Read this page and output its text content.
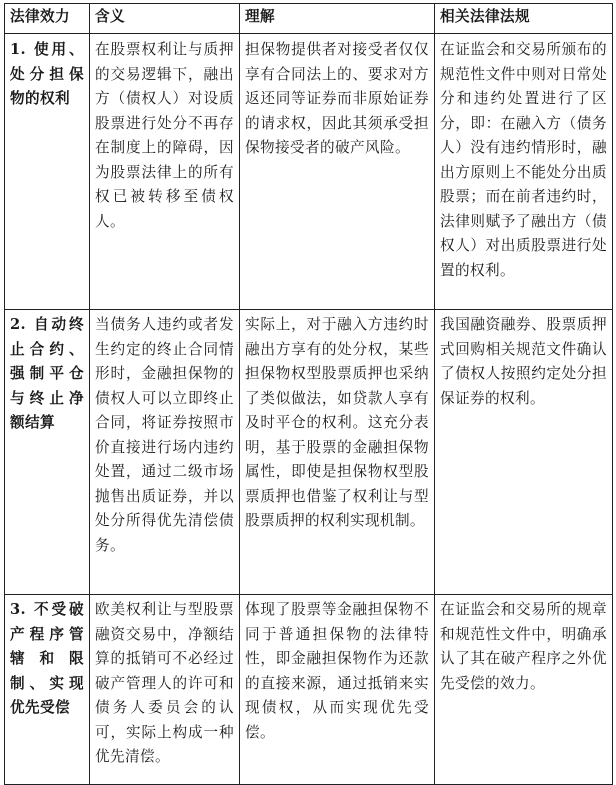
法律效力	含义	理解	相关法律法规
1. 使用、处分担保物的权利	在股票权利让与质押的交易逻辑下，融出方（债权人）对设质股票进行处分不再存在制度上的障碍，因为股票法律上的所有权已被转移至债权人。	担保物提供者对接受者仅仅享有合同法上的、要求对方返还同等证券而非原始证券的请求权，因此其须承受担保物接受者的破产风险。	在证监会和交易所颁布的规范性文件中则对日常处分和违约处置进行了区分，即：在融入方（债务人）没有违约情形时，融出方原则上不能处分出质股票；而在前者违约时，法律则赋予了融出方（债权人）对出质股票进行处置的权利。
2. 自动终止合约、强制平仓与终止净额结算	当债务人违约或者发生约定的终止合同情形时，金融担保物的债权人可以立即终止合同，将证券按照市价直接进行场内违约处置，通过二级市场抛售出质证券，并以处分所得优先清偿债务。	实际上，对于融入方违约时融出方享有的处分权，某些担保物权型股票质押也采纳了类似做法，如贷款人享有及时平仓的权利。这充分表明，基于股票的金融担保物属性，即使是担保物权型股票质押也借鉴了权利让与型股票质押的权利实现机制。	我国融资融券、股票质押式回购相关规范文件确认了债权人按照约定处分担保证券的权利。
3. 不受破产程序管辖和限制、实现优先受偿	欧美权利让与型股票融资交易中，净额结算的抵销可不必经过破产管理人的许可和债务人委员会的认可，实际上构成一种优先清偿。	体现了股票等金融担保物不同于普通担保物的法律特性，即金融担保物作为还款的直接来源，通过抵销来实现债权，从而实现优先受偿。	在证监会和交易所的规章和规范性文件中，明确承认了其在破产程序之外优先受偿的效力。
